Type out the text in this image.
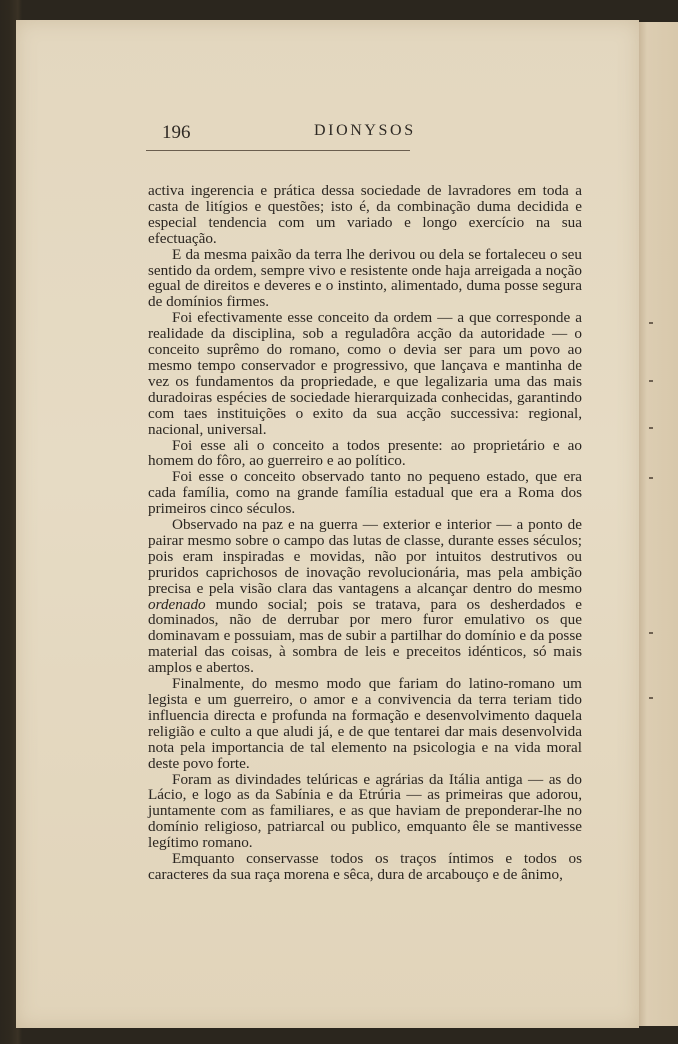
196	DIONYSOS

activa ingerencia e prática dessa sociedade de lavradores em toda a casta de litígios e questões; isto é, da combinação duma decidida e especial tendencia com um variado e longo exercício na sua efectuação.

E da mesma paixão da terra lhe derivou ou dela se fortaleceu o seu sentido da ordem, sempre vivo e resistente onde haja arreigada a noção egual de direitos e deveres e o instinto, alimentado, duma posse segura de domínios firmes.

Foi efectivamente esse conceito da ordem — a que corresponde a realidade da disciplina, sob a reguladôra acção da autoridade — o conceito suprêmo do romano, como o devia ser para um povo ao mesmo tempo conservador e progressivo, que lançava e mantinha de vez os fundamentos da propriedade, e que legalizaria uma das mais duradoiras espécies de sociedade hierarquizada conhecidas, garantindo com taes instituições o exito da sua acção successiva: regional, nacional, universal.

Foi esse ali o conceito a todos presente: ao proprietário e ao homem do fôro, ao guerreiro e ao político.

Foi esse o conceito observado tanto no pequeno estado, que era cada família, como na grande família estadual que era a Roma dos primeiros cinco séculos.

Observado na paz e na guerra — exterior e interior — a ponto de pairar mesmo sobre o campo das lutas de classe, durante esses séculos; pois eram inspiradas e movidas, não por intuitos destrutivos ou pruridos caprichosos de inovação revolucionária, mas pela ambição precisa e pela visão clara das vantagens a alcançar dentro do mesmo ordenado mundo social; pois se tratava, para os desherdados e dominados, não de derrubar por mero furor emulativo os que dominavam e possuiam, mas de subir a partilhar do domínio e da posse material das coisas, à sombra de leis e preceitos idénticos, só mais amplos e abertos.

Finalmente, do mesmo modo que fariam do latino-romano um legista e um guerreiro, o amor e a convivencia da terra teriam tido influencia directa e profunda na formação e desenvolvimento daquela religião e culto a que aludi já, e de que tentarei dar mais desenvolvida nota pela importancia de tal elemento na psicologia e na vida moral deste povo forte.

Foram as divindades telúricas e agrárias da Itália antiga — as do Lácio, e logo as da Sabínia e da Etrúria — as primeiras que adorou, juntamente com as familiares, e as que haviam de preponderar-lhe no domínio religioso, patriarcal ou publico, emquanto êle se mantivesse legítimo romano.

Emquanto conservasse todos os traços íntimos e todos os caracteres da sua raça morena e sêca, dura de arcabouço e de ânimo,
